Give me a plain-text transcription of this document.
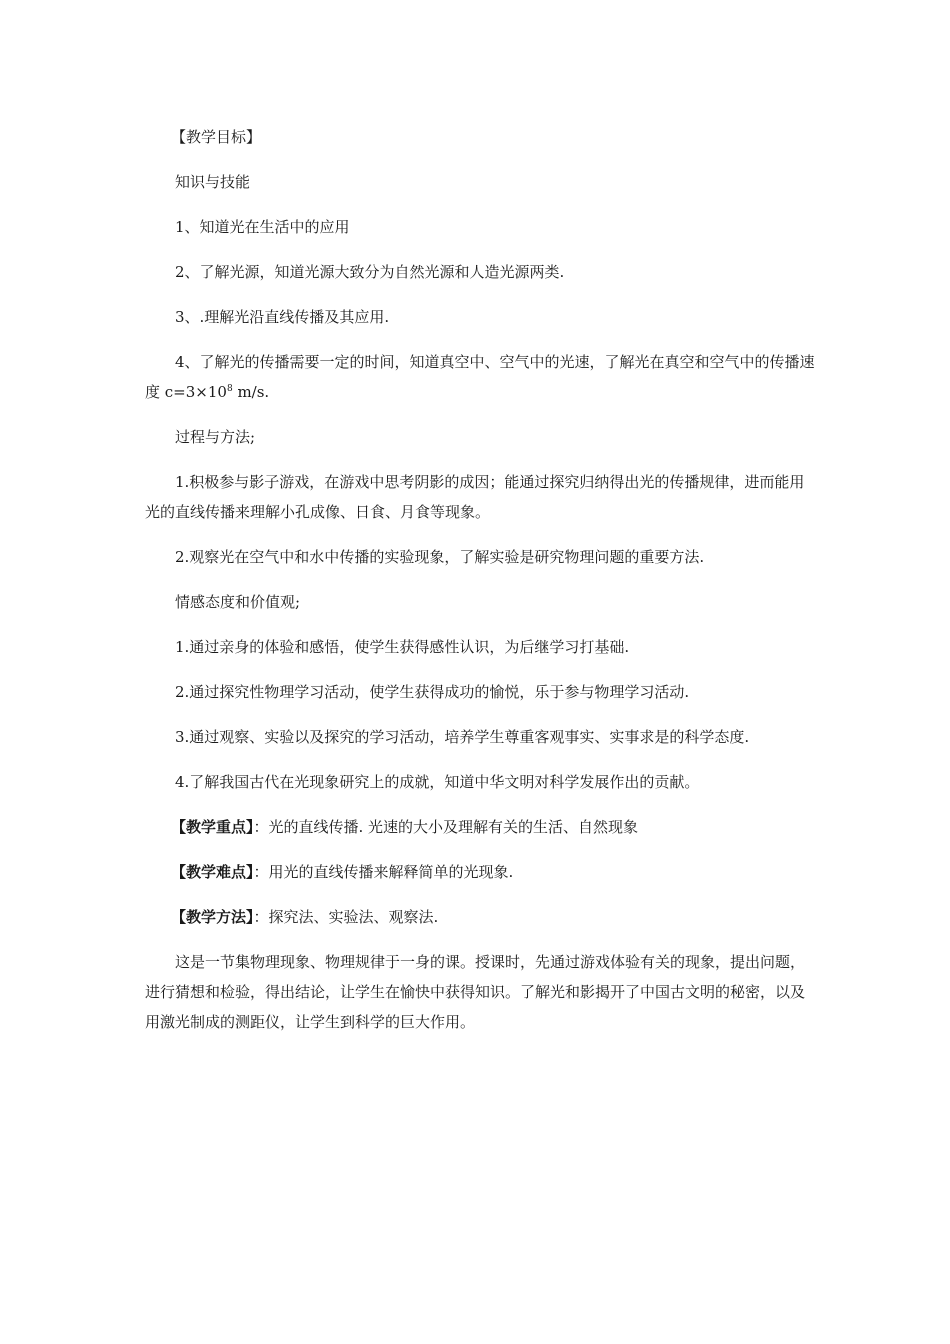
【教学目标】

知识与技能

1、知道光在生活中的应用

2、了解光源，知道光源大致分为自然光源和人造光源两类.

3、.理解光沿直线传播及其应用.

4、了解光的传播需要一定的时间，知道真空中、空气中的光速，了解光在真空和空气中的传播速度 $c=3\times 10^8$ m/s.

过程与方法;

1.积极参与影子游戏，在游戏中思考阴影的成因；能通过探究归纳得出光的传播规律，进而能用光的直线传播来理解小孔成像、日食、月食等现象。

2.观察光在空气中和水中传播的实验现象，了解实验是研究物理问题的重要方法.

情感态度和价值观;

1.通过亲身的体验和感悟，使学生获得感性认识，为后继学习打基础.

2.通过探究性物理学习活动，使学生获得成功的愉悦，乐于参与物理学习活动.

3.通过观察、实验以及探究的学习活动，培养学生尊重客观事实、实事求是的科学态度.

4.了解我国古代在光现象研究上的成就，知道中华文明对科学发展作出的贡献。

【教学重点】：光的直线传播. 光速的大小及理解有关的生活、自然现象

【教学难点】：用光的直线传播来解释简单的光现象.

【教学方法】：探究法、实验法、观察法.

这是一节集物理现象、物理规律于一身的课。授课时，先通过游戏体验有关的现象，提出问题，进行猜想和检验，得出结论，让学生在愉快中获得知识。了解光和影揭开了中国古文明的秘密，以及用激光制成的测距仪，让学生到科学的巨大作用。
